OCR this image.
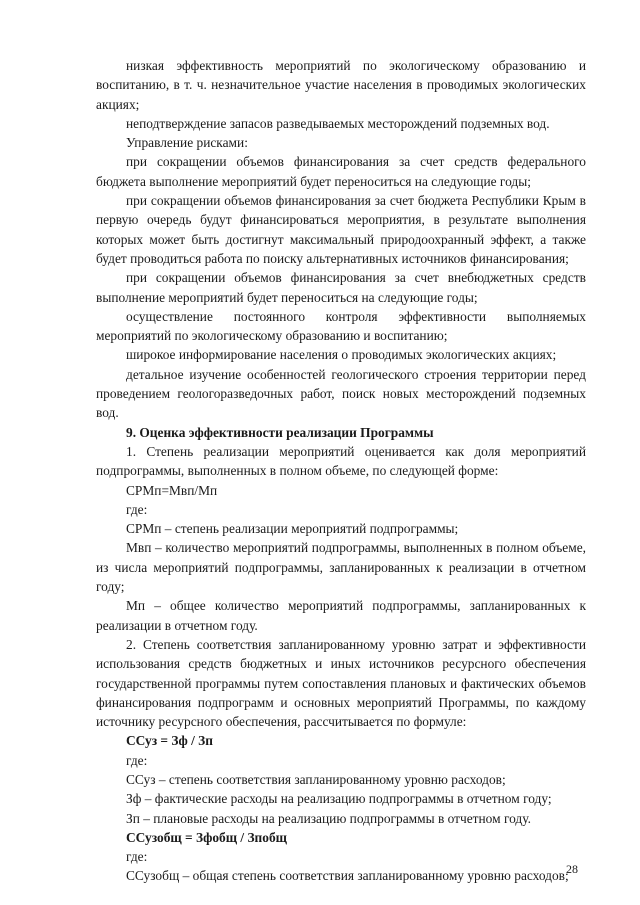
низкая эффективность мероприятий по экологическому образованию и воспитанию, в т. ч. незначительное участие населения в проводимых экологических акциях;

неподтверждение запасов разведываемых месторождений подземных вод.

Управление рисками:

при сокращении объемов финансирования за счет средств федерального бюджета выполнение мероприятий будет переноситься на следующие годы;

при сокращении объемов финансирования за счет бюджета Республики Крым в первую очередь будут финансироваться мероприятия, в результате выполнения которых может быть достигнут максимальный природоохранный эффект, а также будет проводиться работа по поиску альтернативных источников финансирования;

при сокращении объемов финансирования за счет внебюджетных средств выполнение мероприятий будет переноситься на следующие годы;

осуществление постоянного контроля эффективности выполняемых мероприятий по экологическому образованию и воспитанию;

широкое информирование населения о проводимых экологических акциях;

детальное изучение особенностей геологического строения территории перед проведением геологоразведочных работ, поиск новых месторождений подземных вод.

9. Оценка эффективности реализации Программы

1. Степень реализации мероприятий оценивается как доля мероприятий подпрограммы, выполненных в полном объеме, по следующей форме:

СРМп=Мвп/Мп

где:

СРМп – степень реализации мероприятий подпрограммы;

Мвп – количество мероприятий подпрограммы, выполненных в полном объеме, из числа мероприятий подпрограммы, запланированных к реализации в отчетном году;

Мп – общее количество мероприятий подпрограммы, запланированных к реализации в отчетном году.

2. Степень соответствия запланированному уровню затрат и эффективности использования средств бюджетных и иных источников ресурсного обеспечения государственной программы путем сопоставления плановых и фактических объемов финансирования подпрограмм и основных мероприятий Программы, по каждому источнику ресурсного обеспечения, рассчитывается по формуле:

ССуз = Зф / Зп

где:

ССуз – степень соответствия запланированному уровню расходов;

Зф – фактические расходы на реализацию подпрограммы в отчетном году;

Зп – плановые расходы на реализацию подпрограммы в отчетном году.

ССузобщ = Зфобщ / Зпобщ

где:

ССузобщ – общая степень соответствия запланированному уровню расходов;

28
